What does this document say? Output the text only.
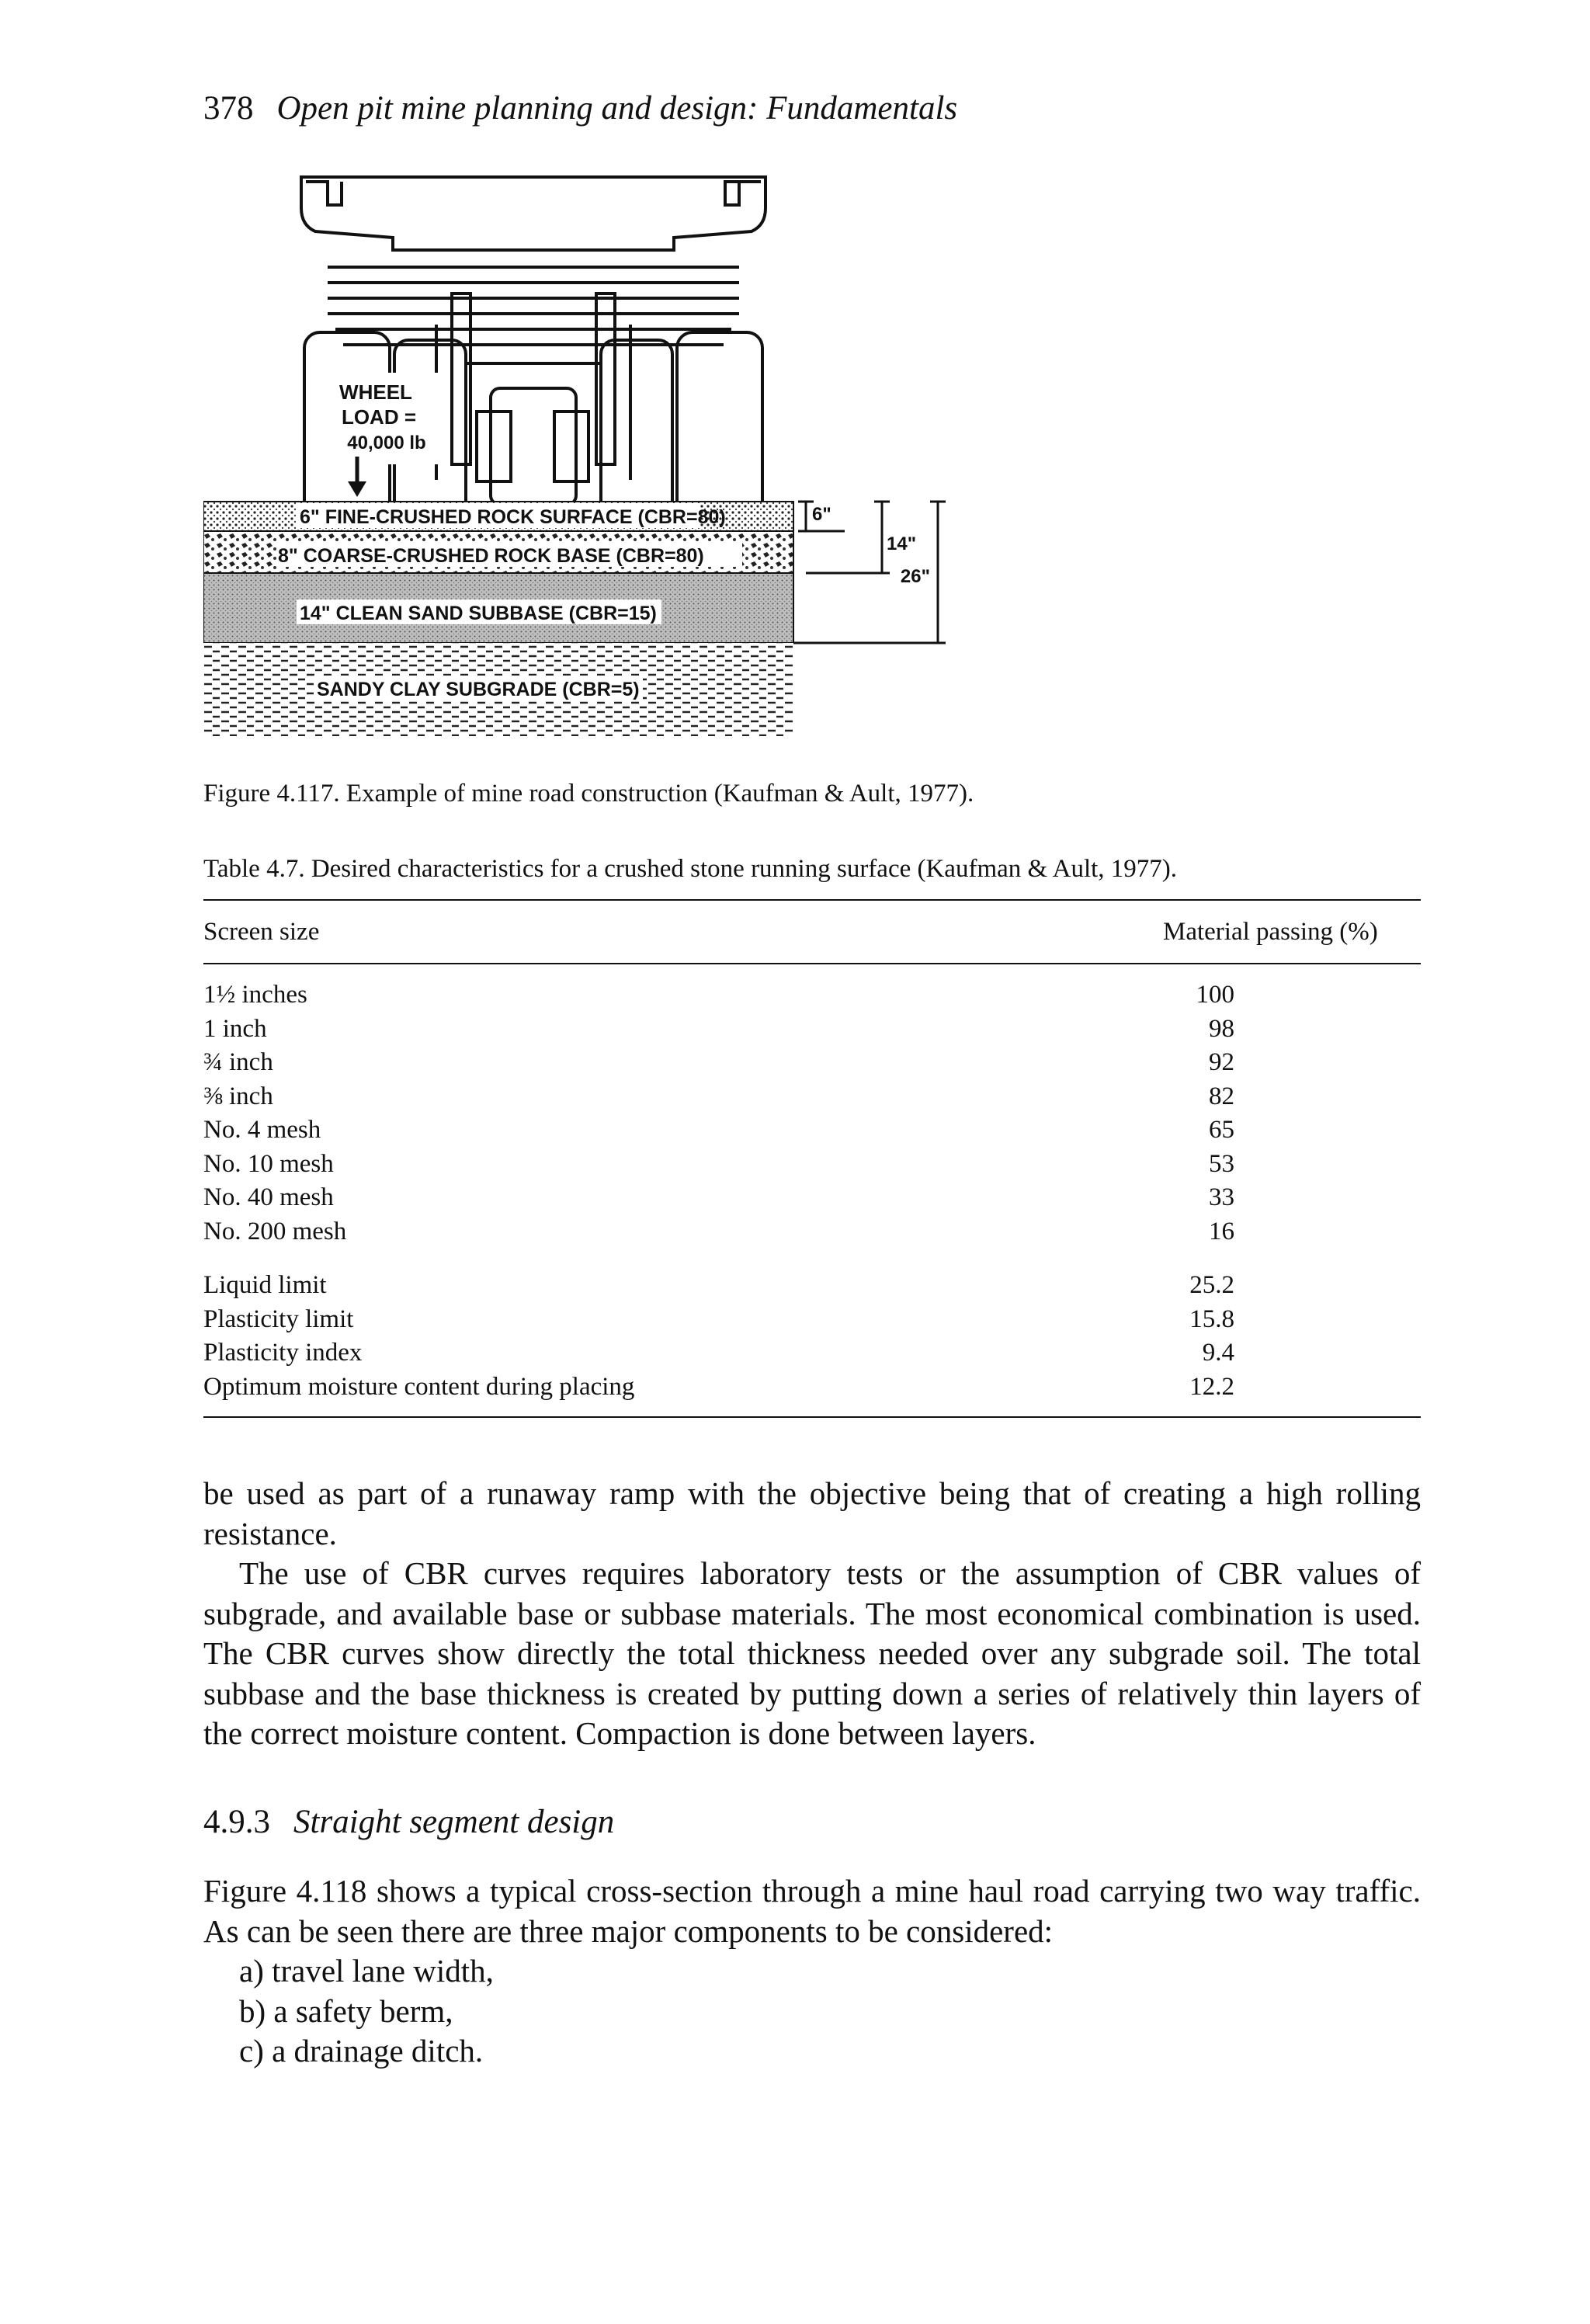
378 Open pit mine planning and design: Fundamentals
WHEEL
LOAD =
40,000 lb
6" FINE-CRUSHED ROCK SURFACE (CBR=80)
8" COARSE-CRUSHED ROCK BASE (CBR=80)
14" CLEAN SAND SUBBASE (CBR=15)
SANDY CLAY SUBGRADE (CBR=5)
6"
14"
26"
Figure 4.117. Example of mine road construction (Kaufman & Ault, 1977).
Table 4.7. Desired characteristics for a crushed stone running surface (Kaufman & Ault, 1977).
Screen size	Material passing (%)
1½ inches	100
1 inch	98
¾ inch	92
⅜ inch	82
No. 4 mesh	65
No. 10 mesh	53
No. 40 mesh	33
No. 200 mesh	16
Liquid limit	25.2
Plasticity limit	15.8
Plasticity index	9.4
Optimum moisture content during placing	12.2
be used as part of a runaway ramp with the objective being that of creating a high rolling resistance.
The use of CBR curves requires laboratory tests or the assumption of CBR values of subgrade, and available base or subbase materials. The most economical combination is used. The CBR curves show directly the total thickness needed over any subgrade soil. The total subbase and the base thickness is created by putting down a series of relatively thin layers of the correct moisture content. Compaction is done between layers.
4.9.3 Straight segment design
Figure 4.118 shows a typical cross-section through a mine haul road carrying two way traffic. As can be seen there are three major components to be considered:
a) travel lane width,
b) a safety berm,
c) a drainage ditch.
